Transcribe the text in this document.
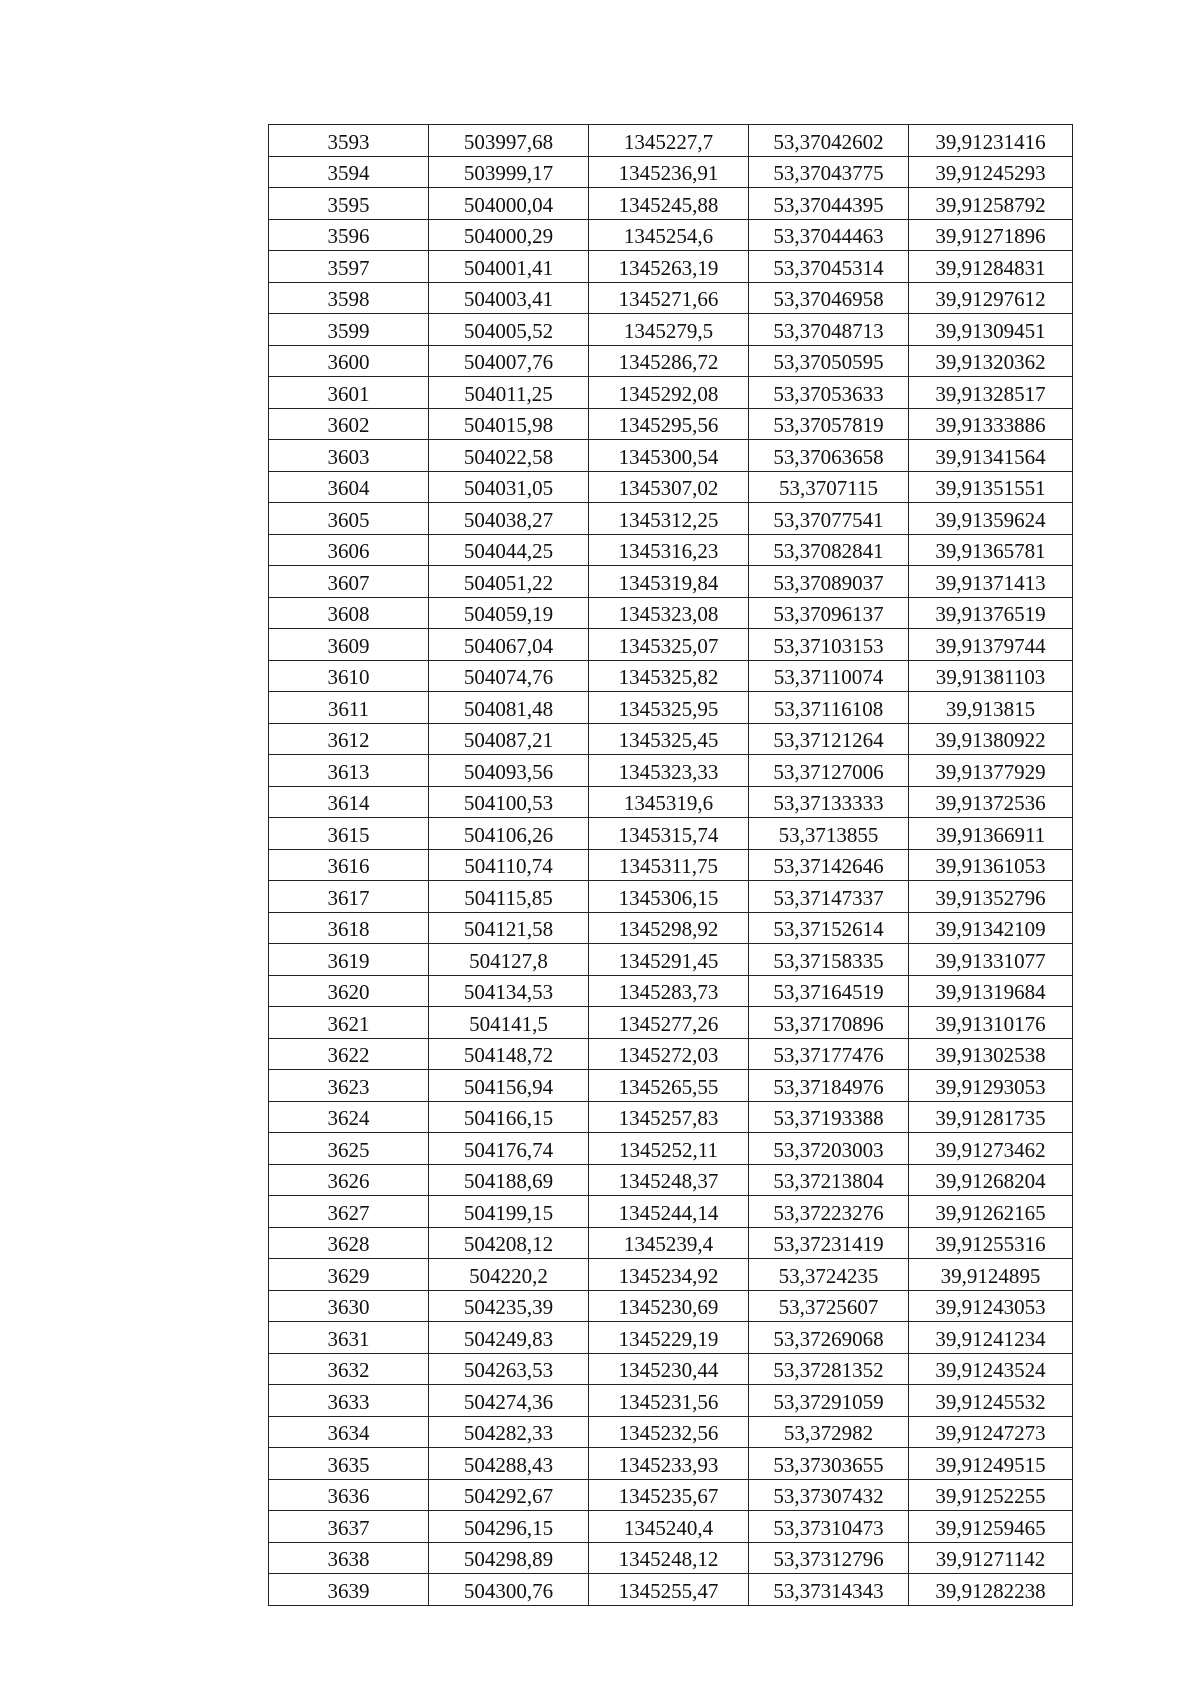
3593	503997,68	1345227,7	53,37042602	39,91231416
3594	503999,17	1345236,91	53,37043775	39,91245293
3595	504000,04	1345245,88	53,37044395	39,91258792
3596	504000,29	1345254,6	53,37044463	39,91271896
3597	504001,41	1345263,19	53,37045314	39,91284831
3598	504003,41	1345271,66	53,37046958	39,91297612
3599	504005,52	1345279,5	53,37048713	39,91309451
3600	504007,76	1345286,72	53,37050595	39,91320362
3601	504011,25	1345292,08	53,37053633	39,91328517
3602	504015,98	1345295,56	53,37057819	39,91333886
3603	504022,58	1345300,54	53,37063658	39,91341564
3604	504031,05	1345307,02	53,3707115	39,91351551
3605	504038,27	1345312,25	53,37077541	39,91359624
3606	504044,25	1345316,23	53,37082841	39,91365781
3607	504051,22	1345319,84	53,37089037	39,91371413
3608	504059,19	1345323,08	53,37096137	39,91376519
3609	504067,04	1345325,07	53,37103153	39,91379744
3610	504074,76	1345325,82	53,37110074	39,91381103
3611	504081,48	1345325,95	53,37116108	39,913815
3612	504087,21	1345325,45	53,37121264	39,91380922
3613	504093,56	1345323,33	53,37127006	39,91377929
3614	504100,53	1345319,6	53,37133333	39,91372536
3615	504106,26	1345315,74	53,3713855	39,91366911
3616	504110,74	1345311,75	53,37142646	39,91361053
3617	504115,85	1345306,15	53,37147337	39,91352796
3618	504121,58	1345298,92	53,37152614	39,91342109
3619	504127,8	1345291,45	53,37158335	39,91331077
3620	504134,53	1345283,73	53,37164519	39,91319684
3621	504141,5	1345277,26	53,37170896	39,91310176
3622	504148,72	1345272,03	53,37177476	39,91302538
3623	504156,94	1345265,55	53,37184976	39,91293053
3624	504166,15	1345257,83	53,37193388	39,91281735
3625	504176,74	1345252,11	53,37203003	39,91273462
3626	504188,69	1345248,37	53,37213804	39,91268204
3627	504199,15	1345244,14	53,37223276	39,91262165
3628	504208,12	1345239,4	53,37231419	39,91255316
3629	504220,2	1345234,92	53,3724235	39,9124895
3630	504235,39	1345230,69	53,3725607	39,91243053
3631	504249,83	1345229,19	53,37269068	39,91241234
3632	504263,53	1345230,44	53,37281352	39,91243524
3633	504274,36	1345231,56	53,37291059	39,91245532
3634	504282,33	1345232,56	53,372982	39,91247273
3635	504288,43	1345233,93	53,37303655	39,91249515
3636	504292,67	1345235,67	53,37307432	39,91252255
3637	504296,15	1345240,4	53,37310473	39,91259465
3638	504298,89	1345248,12	53,37312796	39,91271142
3639	504300,76	1345255,47	53,37314343	39,91282238
